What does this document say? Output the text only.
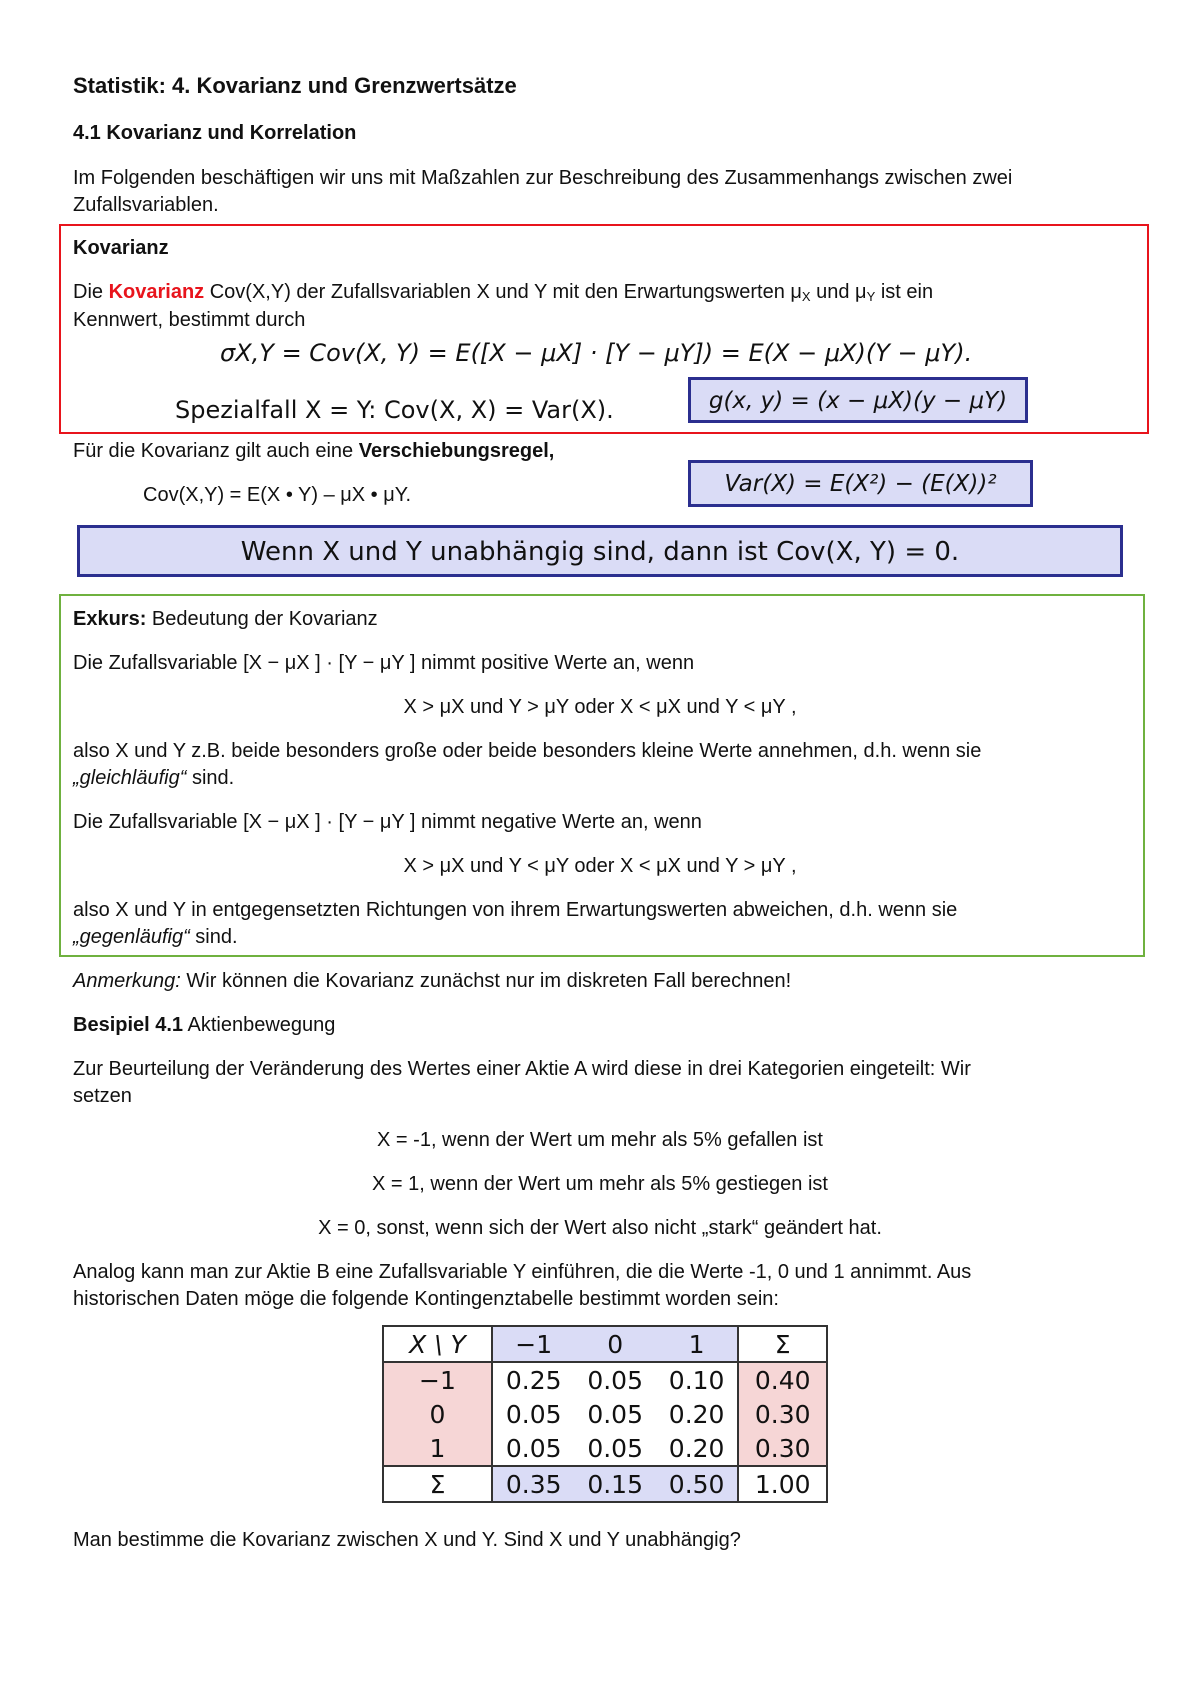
Statistik: 4. Kovarianz und Grenzwertsätze
4.1 Kovarianz und Korrelation
Im Folgenden beschäftigen wir uns mit Maßzahlen zur Beschreibung des Zusammenhangs zwischen zwei
Zufallsvariablen.
Kovarianz
Die Kovarianz Cov(X,Y) der Zufallsvariablen X und Y mit den Erwartungswerten $\mu_X$ und $\mu_Y$ ist ein
Kennwert, bestimmt durch
σX,Y = Cov(X, Y) = E([X − μX] · [Y − μY]) = E(X − μX)(Y − μY).
Spezialfall X = Y: Cov(X, X) = Var(X).	g(x, y) = (x − μX)(y − μY)
Für die Kovarianz gilt auch eine Verschiebungsregel,
Cov(X,Y) = E(X • Y) – μX • μY.	Var(X) = E(X²) − (E(X))²
Wenn X und Y unabhängig sind, dann ist Cov(X, Y) = 0.
Exkurs: Bedeutung der Kovarianz
Die Zufallsvariable [X − μX ] · [Y − μY ] nimmt positive Werte an, wenn
X > μX und Y > μY oder X < μX und Y < μY ,
also X und Y z.B. beide besonders große oder beide besonders kleine Werte annehmen, d.h. wenn sie
„gleichläufig“ sind.
Die Zufallsvariable [X − μX ] · [Y − μY ] nimmt negative Werte an, wenn
X > μX und Y < μY oder X < μX und Y > μY ,
also X und Y in entgegensetzten Richtungen von ihrem Erwartungswerten abweichen, d.h. wenn sie
„gegenläufig“ sind.
Anmerkung: Wir können die Kovarianz zunächst nur im diskreten Fall berechnen!
Besipiel 4.1 Aktienbewegung
Zur Beurteilung der Veränderung des Wertes einer Aktie A wird diese in drei Kategorien eingeteilt: Wir
setzen
X = -1, wenn der Wert um mehr als 5% gefallen ist
X = 1, wenn der Wert um mehr als 5% gestiegen ist
X = 0, sonst, wenn sich der Wert also nicht „stark“ geändert hat.
Analog kann man zur Aktie B eine Zufallsvariable Y einführen, die die Werte -1, 0 und 1 annimmt. Aus
historischen Daten möge die folgende Kontingenztabelle bestimmt worden sein:
X \ Y	−1	0	1	Σ
−1	0.25	0.05	0.10	0.40
0	0.05	0.05	0.20	0.30
1	0.05	0.05	0.20	0.30
Σ	0.35	0.15	0.50	1.00
Man bestimme die Kovarianz zwischen X und Y. Sind X und Y unabhängig?
